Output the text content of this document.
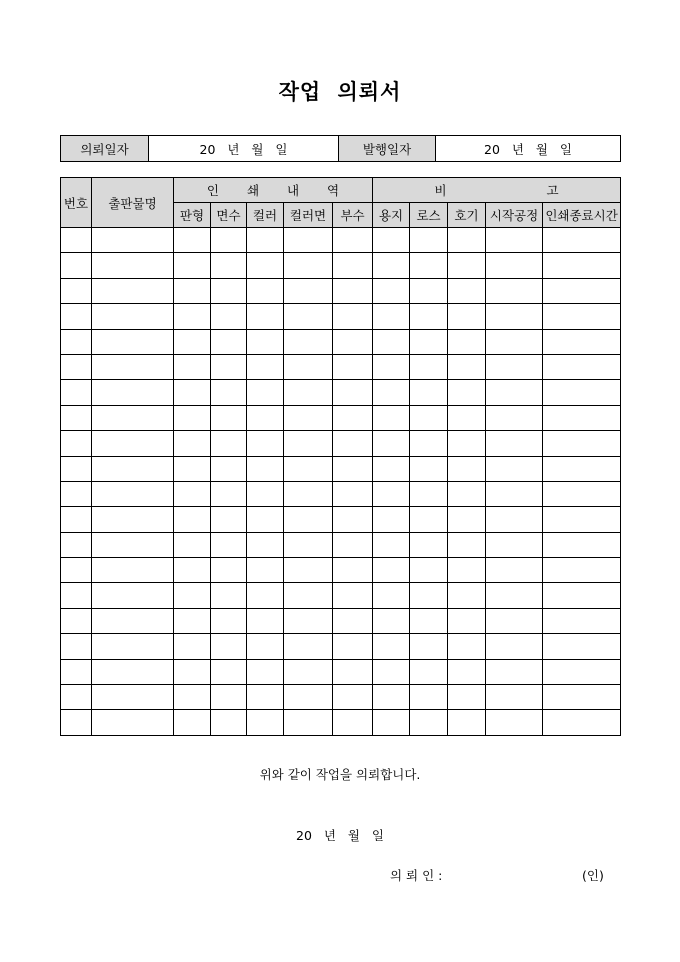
작업 의뢰서
의뢰일자	20   년   월   일	발행일자	20   년   월   일
번호	출판물명	인 쇄 내 역					비 고				
		판형	면수	컬러	컬러면	부수	용지	로스	호기	시작공정	인쇄종료시간

위와 같이 작업을 의뢰합니다.
20   년   월   일
의 뢰 인 :	(인)
